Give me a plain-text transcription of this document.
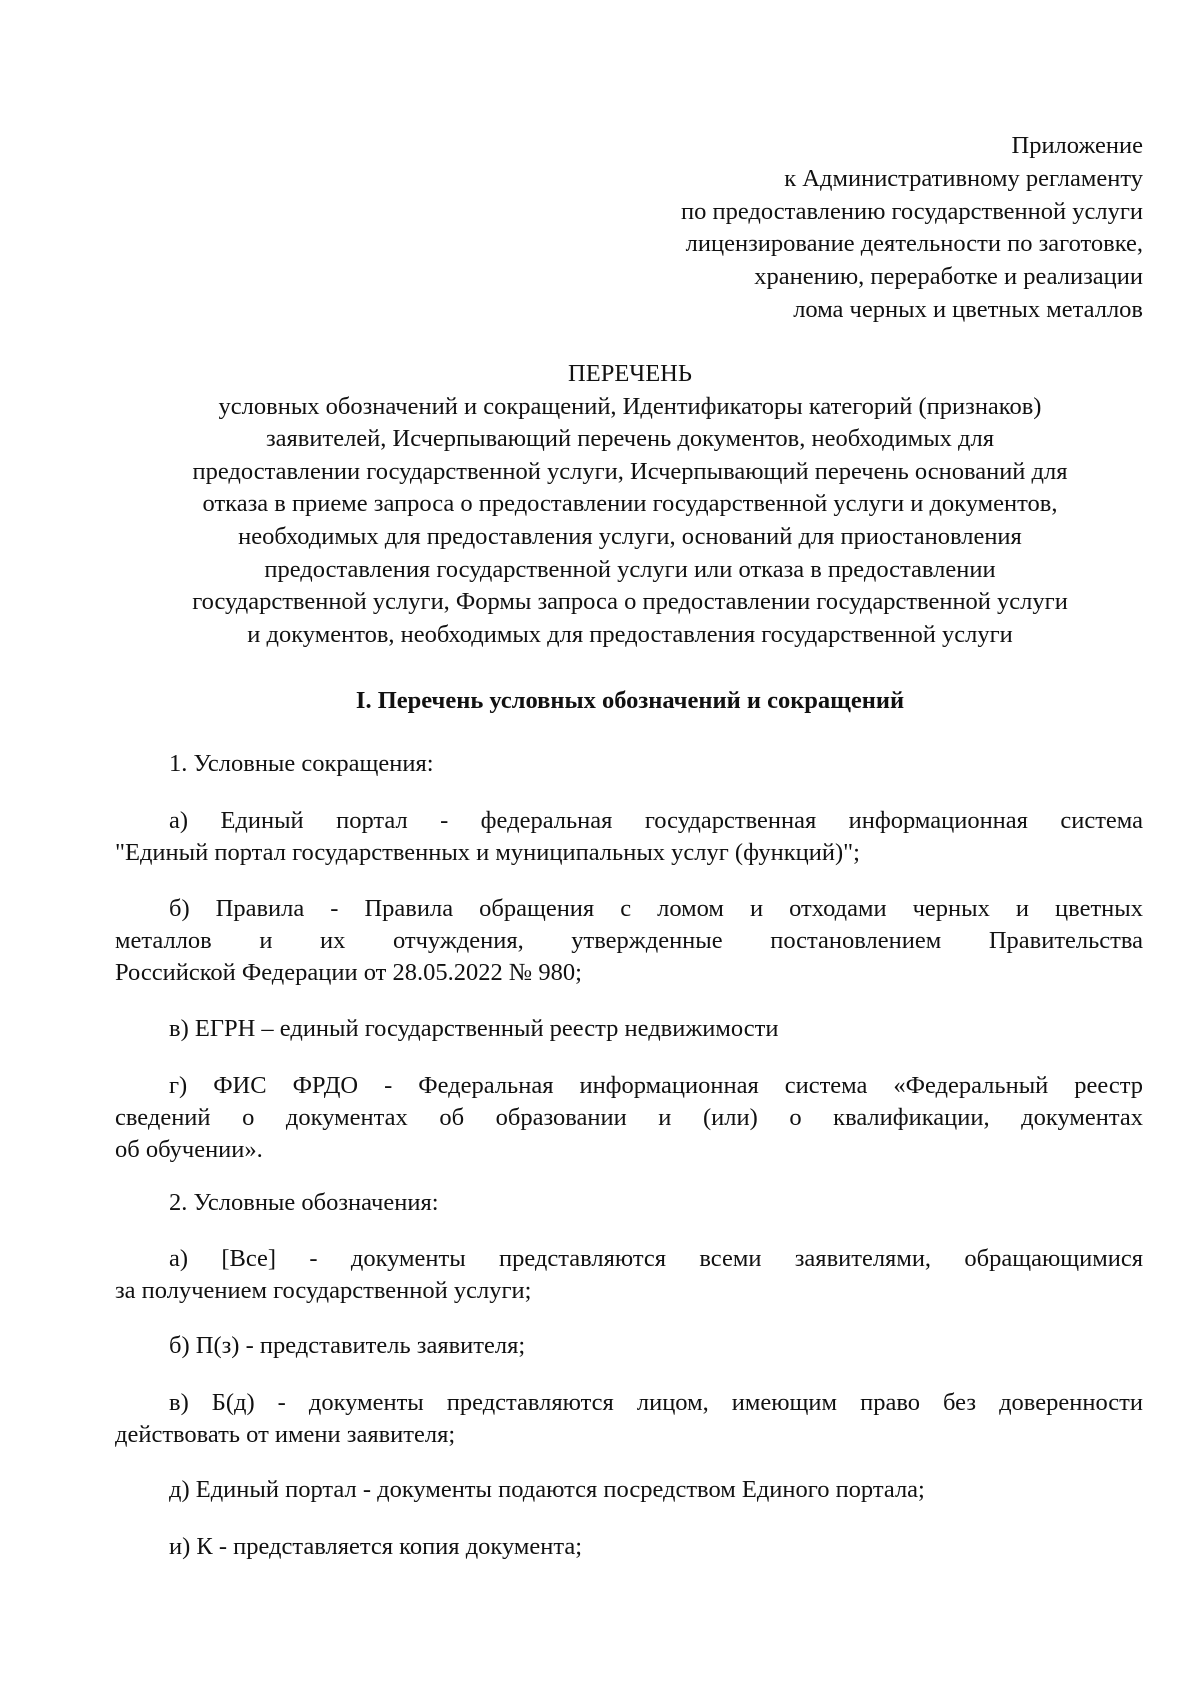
Приложение
к Административному регламенту
по предоставлению государственной услуги
лицензирование деятельности по заготовке,
хранению, переработке и реализации
лома черных и цветных металлов
ПЕРЕЧЕНЬ
условных обозначений и сокращений, Идентификаторы категорий (признаков)
заявителей, Исчерпывающий перечень документов, необходимых для
предоставлении государственной услуги, Исчерпывающий перечень оснований для
отказа в приеме запроса о предоставлении государственной услуги и документов,
необходимых для предоставления услуги, оснований для приостановления
предоставления государственной услуги или отказа в предоставлении
государственной услуги, Формы запроса о предоставлении государственной услуги
и документов, необходимых для предоставления государственной услуги
I. Перечень условных обозначений и сокращений
1. Условные сокращения:
а) Единый портал - федеральная государственная информационная система
"Единый портал государственных и муниципальных услуг (функций)";
б) Правила - Правила обращения с ломом и отходами черных и цветных
металлов и их отчуждения, утвержденные постановлением Правительства
Российской Федерации от 28.05.2022 № 980;
в) ЕГРН – единый государственный реестр недвижимости
г) ФИС ФРДО - Федеральная информационная система «Федеральный реестр
сведений о документах об образовании и (или) о квалификации, документах
об обучении».
2. Условные обозначения:
а) [Все] - документы представляются всеми заявителями, обращающимися
за получением государственной услуги;
б) П(з) - представитель заявителя;
в) Б(д) - документы представляются лицом, имеющим право без доверенности
действовать от имени заявителя;
д) Единый портал - документы подаются посредством Единого портала;
и) К - представляется копия документа;
